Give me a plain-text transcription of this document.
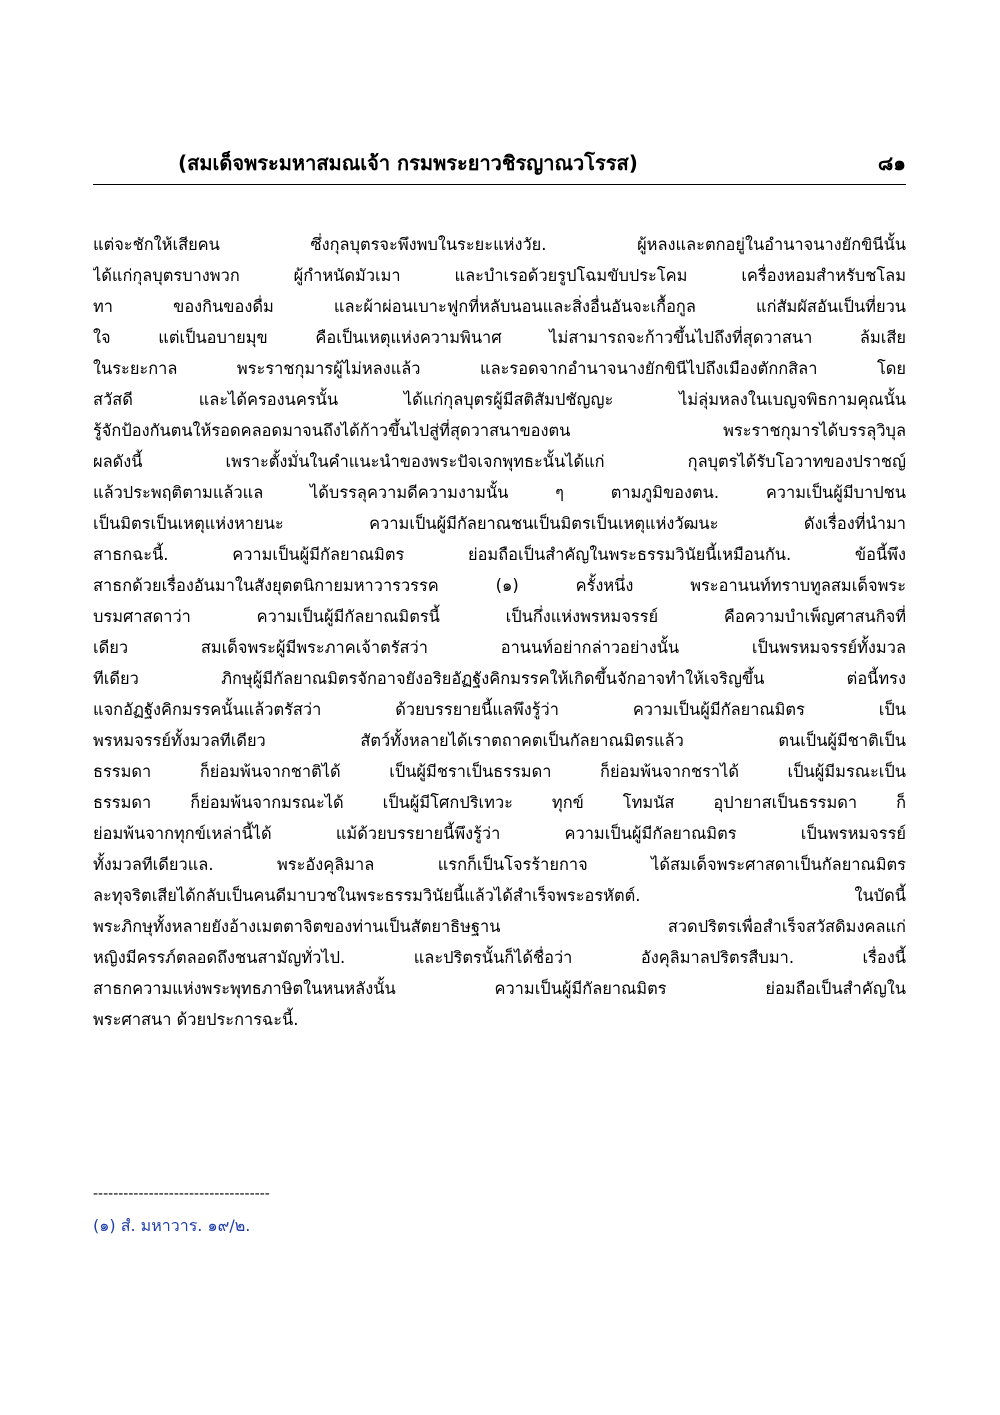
(สมเด็จพระมหาสมณเจ้า กรมพระยาวชิรญาณวโรรส)	๘๑
แต่จะชักให้เสียคน ซึ่งกุลบุตรจะพึงพบในระยะแห่งวัย. ผู้หลงและตกอยู่ในอำนาจนางยักขินีนั้น
ได้แก่กุลบุตรบางพวก ผู้กำหนัดมัวเมา และบำเรอด้วยรูปโฉมขับประโคม เครื่องหอมสำหรับชโลม
ทา ของกินของดื่ม และผ้าผ่อนเบาะฟูกที่หลับนอนและสิ่งอื่นอันจะเกื้อกูล แก่สัมผัสอันเป็นที่ยวน
ใจ แต่เป็นอบายมุข คือเป็นเหตุแห่งความพินาศ ไม่สามารถจะก้าวขึ้นไปถึงที่สุดวาสนา ล้มเสีย
ในระยะกาล พระราชกุมารผู้ไม่หลงแล้ว และรอดจากอำนาจนางยักขินีไปถึงเมืองตักกสิลา โดย
สวัสดี และได้ครองนครนั้น ได้แก่กุลบุตรผู้มีสติสัมปชัญญะ ไม่ลุ่มหลงในเบญจพิธกามคุณนั้น
รู้จักป้องกันตนให้รอดคลอดมาจนถึงได้ก้าวขึ้นไปสู่ที่สุดวาสนาของตน พระราชกุมารได้บรรลุวิบุล
ผลดังนี้ เพราะตั้งมั่นในคำแนะนำของพระปัจเจกพุทธะนั้นได้แก่ กุลบุตรได้รับโอวาทของปราชญ์
แล้วประพฤติตามแล้วแล ได้บรรลุความดีความงามนั้น ๆ ตามภูมิของตน. ความเป็นผู้มีบาปชน
เป็นมิตรเป็นเหตุแห่งหายนะ ความเป็นผู้มีกัลยาณชนเป็นมิตรเป็นเหตุแห่งวัฒนะ ดังเรื่องที่นำมา
สาธกฉะนี้. ความเป็นผู้มีกัลยาณมิตร ย่อมถือเป็นสำคัญในพระธรรมวินัยนี้เหมือนกัน. ข้อนี้พึง
สาธกด้วยเรื่องอันมาในสังยุตตนิกายมหาวารวรรค (๑) ครั้งหนึ่ง พระอานนท์ทราบทูลสมเด็จพระ
บรมศาสดาว่า ความเป็นผู้มีกัลยาณมิตรนี้ เป็นกึ่งแห่งพรหมจรรย์ คือความบำเพ็ญศาสนกิจที่
เดียว สมเด็จพระผู้มีพระภาคเจ้าตรัสว่า อานนท์อย่ากล่าวอย่างนั้น เป็นพรหมจรรย์ทั้งมวล
ทีเดียว ภิกษุผู้มีกัลยาณมิตรจักอาจยังอริยอัฏฐังคิกมรรคให้เกิดขึ้นจักอาจทำให้เจริญขึ้น ต่อนี้ทรง
แจกอัฏฐังคิกมรรคนั้นแล้วตรัสว่า ด้วยบรรยายนี้แลพึงรู้ว่า ความเป็นผู้มีกัลยาณมิตร เป็น
พรหมจรรย์ทั้งมวลทีเดียว สัตว์ทั้งหลายได้เราตถาคตเป็นกัลยาณมิตรแล้ว ตนเป็นผู้มีชาติเป็น
ธรรมดา ก็ย่อมพ้นจากชาติได้ เป็นผู้มีชราเป็นธรรมดา ก็ย่อมพ้นจากชราได้ เป็นผู้มีมรณะเป็น
ธรรมดา ก็ย่อมพ้นจากมรณะได้ เป็นผู้มีโศกปริเทวะ ทุกข์ โทมนัส อุปายาสเป็นธรรมดา ก็
ย่อมพ้นจากทุกข์เหล่านี้ได้ แม้ด้วยบรรยายนี้พึงรู้ว่า ความเป็นผู้มีกัลยาณมิตร เป็นพรหมจรรย์
ทั้งมวลทีเดียวแล. พระอังคุลิมาล แรกก็เป็นโจรร้ายกาจ ได้สมเด็จพระศาสดาเป็นกัลยาณมิตร
ละทุจริตเสียได้กลับเป็นคนดีมาบวชในพระธรรมวินัยนี้แล้วได้สำเร็จพระอรหัตต์. ในบัดนี้
พระภิกษุทั้งหลายยังอ้างเมตตาจิตของท่านเป็นสัตยาธิษฐาน สวดปริตรเพื่อสำเร็จสวัสดิมงคลแก่
หญิงมีครรภ์ตลอดถึงชนสามัญทั่วไป. และปริตรนั้นก็ได้ชื่อว่า อังคุลิมาลปริตรสืบมา. เรื่องนี้
สาธกความแห่งพระพุทธภาษิตในหนหลังนั้น ความเป็นผู้มีกัลยาณมิตร ย่อมถือเป็นสำคัญใน
พระศาสนา ด้วยประการฉะนี้.
-----------------------------------
(๑) สํ. มหาวาร. ๑๙/๒.
